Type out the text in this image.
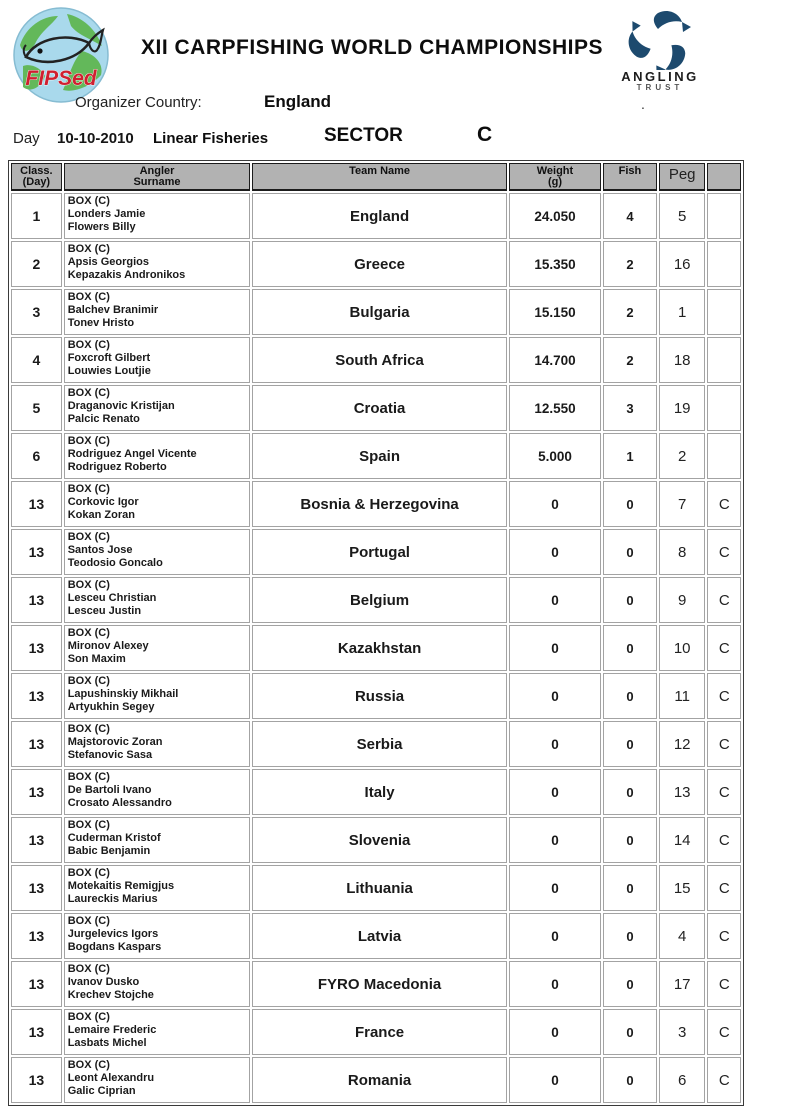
FIPSed
XII CARPFISHING WORLD CHAMPIONSHIPS
ANGLING
TRUST
.
Organizer Country:	England
Day 10-10-2010 Linear Fisheries	SECTOR	C
Class.
(Day)	Angler
Surname	Team Name	Weight
(g)	Fish	Peg	

1	BOX (C)
Londers Jamie
Flowers Billy	England	24.050	4	5	
2	BOX (C)
Apsis Georgios
Kepazakis Andronikos	Greece	15.350	2	16	
3	BOX (C)
Balchev Branimir
Tonev Hristo	Bulgaria	15.150	2	1	
4	BOX (C)
Foxcroft Gilbert
Louwies Loutjie	South Africa	14.700	2	18	
5	BOX (C)
Draganovic Kristijan
Palcic Renato	Croatia	12.550	3	19	
6	BOX (C)
Rodriguez Angel Vicente
Rodriguez Roberto	Spain	5.000	1	2	
13	BOX (C)
Corkovic Igor
Kokan Zoran	Bosnia & Herzegovina	0	0	7	C
13	BOX (C)
Santos Jose
Teodosio Goncalo	Portugal	0	0	8	C
13	BOX (C)
Lesceu Christian
Lesceu Justin	Belgium	0	0	9	C
13	BOX (C)
Mironov Alexey
Son Maxim	Kazakhstan	0	0	10	C
13	BOX (C)
Lapushinskiy Mikhail
Artyukhin Segey	Russia	0	0	11	C
13	BOX (C)
Majstorovic Zoran
Stefanovic Sasa	Serbia	0	0	12	C
13	BOX (C)
De Bartoli Ivano
Crosato Alessandro	Italy	0	0	13	C
13	BOX (C)
Cuderman Kristof
Babic Benjamin	Slovenia	0	0	14	C
13	BOX (C)
Motekaitis Remigjus
Laureckis Marius	Lithuania	0	0	15	C
13	BOX (C)
Jurgelevics Igors
Bogdans Kaspars	Latvia	0	0	4	C
13	BOX (C)
Ivanov Dusko
Krechev Stojche	FYRO Macedonia	0	0	17	C
13	BOX (C)
Lemaire Frederic
Lasbats Michel	France	0	0	3	C
13	BOX (C)
Leont Alexandru
Galic Ciprian	Romania	0	0	6	C
